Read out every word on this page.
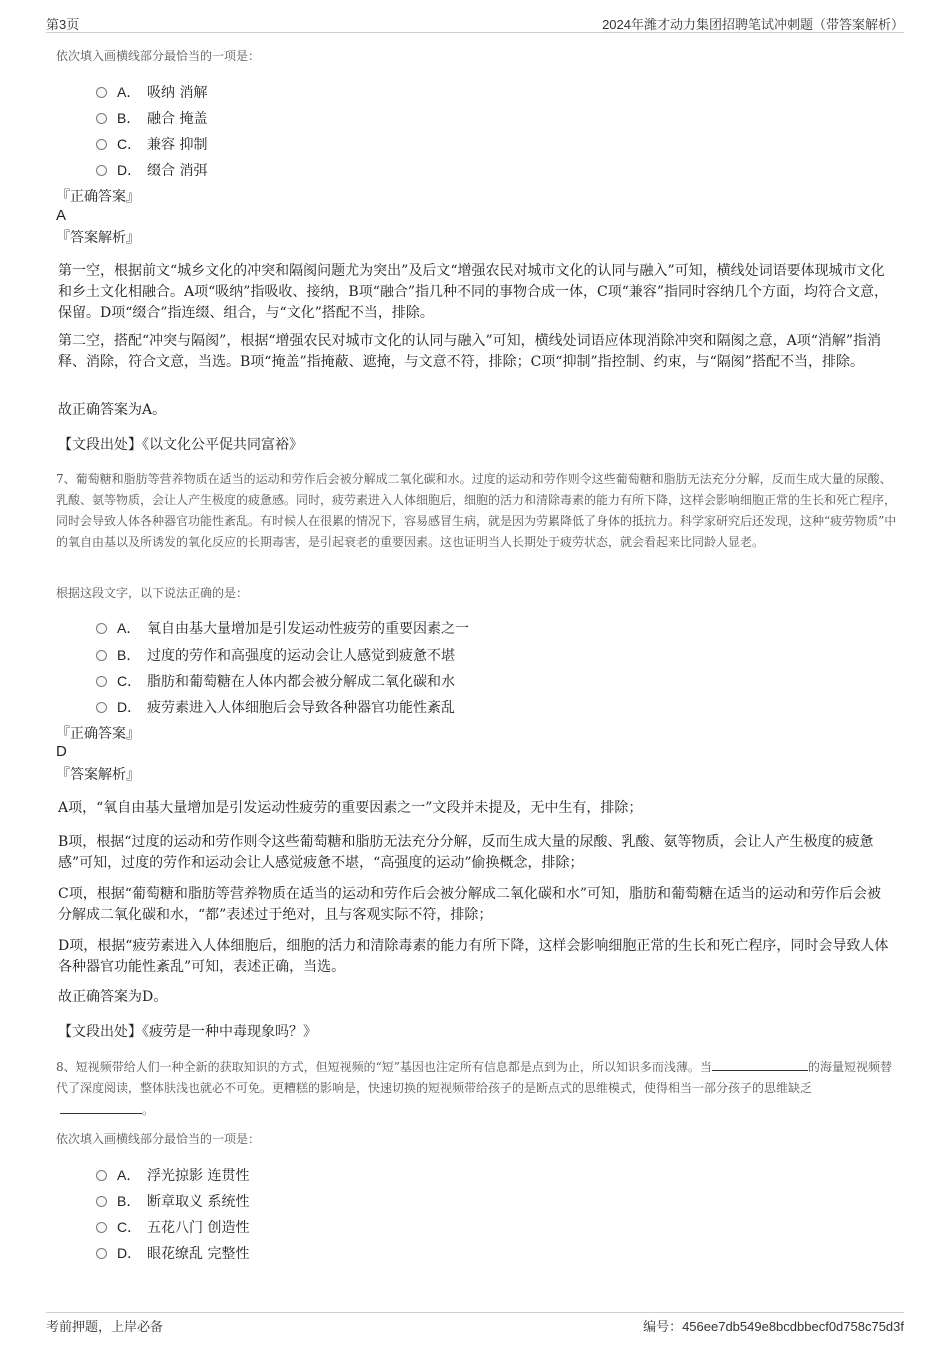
第3页	2024年潍才动力集团招聘笔试冲刺题（带答案解析）
依次填入画横线部分最恰当的一项是：
A． 吸纳 消解
B． 融合 掩盖
C． 兼容 抑制
D． 缀合 消弭
『正确答案』
A
『答案解析』
第一空，根据前文“城乡文化的冲突和隔阂问题尤为突出”及后文“增强农民对城市文化的认同与融入”可知，横线处词语要体现城市文化和乡土文化相融合。A项“吸纳”指吸收、接纳，B项“融合”指几种不同的事物合成一体，C项“兼容”指同时容纳几个方面，均符合文意，保留。D项“缀合”指连缀、组合，与“文化”搭配不当，排除。
第二空，搭配“冲突与隔阂”，根据“增强农民对城市文化的认同与融入”可知，横线处词语应体现消除冲突和隔阂之意，A项“消解”指消释、消除，符合文意，当选。B项“掩盖”指掩蔽、遮掩，与文意不符，排除；C项“抑制”指控制、约束，与“隔阂”搭配不当，排除。
故正确答案为A。
【文段出处】《以文化公平促共同富裕》
7、葡萄糖和脂肪等营养物质在适当的运动和劳作后会被分解成二氧化碳和水。过度的运动和劳作则令这些葡萄糖和脂肪无法充分分解，反而生成大量的尿酸、乳酸、氨等物质，会让人产生极度的疲惫感。同时，疲劳素进入人体细胞后，细胞的活力和清除毒素的能力有所下降，这样会影响细胞正常的生长和死亡程序，同时会导致人体各种器官功能性紊乱。有时候人在很累的情况下，容易感冒生病，就是因为劳累降低了身体的抵抗力。科学家研究后还发现，这种“疲劳物质”中的氧自由基以及所诱发的氧化反应的长期毒害，是引起衰老的重要因素。这也证明当人长期处于疲劳状态，就会看起来比同龄人显老。
根据这段文字，以下说法正确的是：
A． 氧自由基大量增加是引发运动性疲劳的重要因素之一
B． 过度的劳作和高强度的运动会让人感觉到疲惫不堪
C． 脂肪和葡萄糖在人体内都会被分解成二氧化碳和水
D． 疲劳素进入人体细胞后会导致各种器官功能性紊乱
『正确答案』
D
『答案解析』
A项，“氧自由基大量增加是引发运动性疲劳的重要因素之一”文段并未提及，无中生有，排除；
B项，根据“过度的运动和劳作则令这些葡萄糖和脂肪无法充分分解，反而生成大量的尿酸、乳酸、氨等物质，会让人产生极度的疲惫感”可知，过度的劳作和运动会让人感觉疲惫不堪，“高强度的运动”偷换概念，排除；
C项，根据“葡萄糖和脂肪等营养物质在适当的运动和劳作后会被分解成二氧化碳和水”可知，脂肪和葡萄糖在适当的运动和劳作后会被分解成二氧化碳和水，“都”表述过于绝对，且与客观实际不符，排除；
D项，根据“疲劳素进入人体细胞后，细胞的活力和清除毒素的能力有所下降，这样会影响细胞正常的生长和死亡程序，同时会导致人体各种器官功能性紊乱”可知，表述正确，当选。
故正确答案为D。
【文段出处】《疲劳是一种中毒现象吗？》
8、短视频带给人们一种全新的获取知识的方式，但短视频的“短”基因也注定所有信息都是点到为止，所以知识多而浅薄。当	的海量短视频替代了深度阅读，整体肤浅也就必不可免。更糟糕的影响是，快速切换的短视频带给孩子的是断点式的思维模式，使得相当一部分孩子的思维缺乏。
依次填入画横线部分最恰当的一项是：
A． 浮光掠影 连贯性
B． 断章取义 系统性
C． 五花八门 创造性
D． 眼花缭乱 完整性
考前押题，上岸必备	编号：456ee7db549e8bcdbbecf0d758c75d3f
